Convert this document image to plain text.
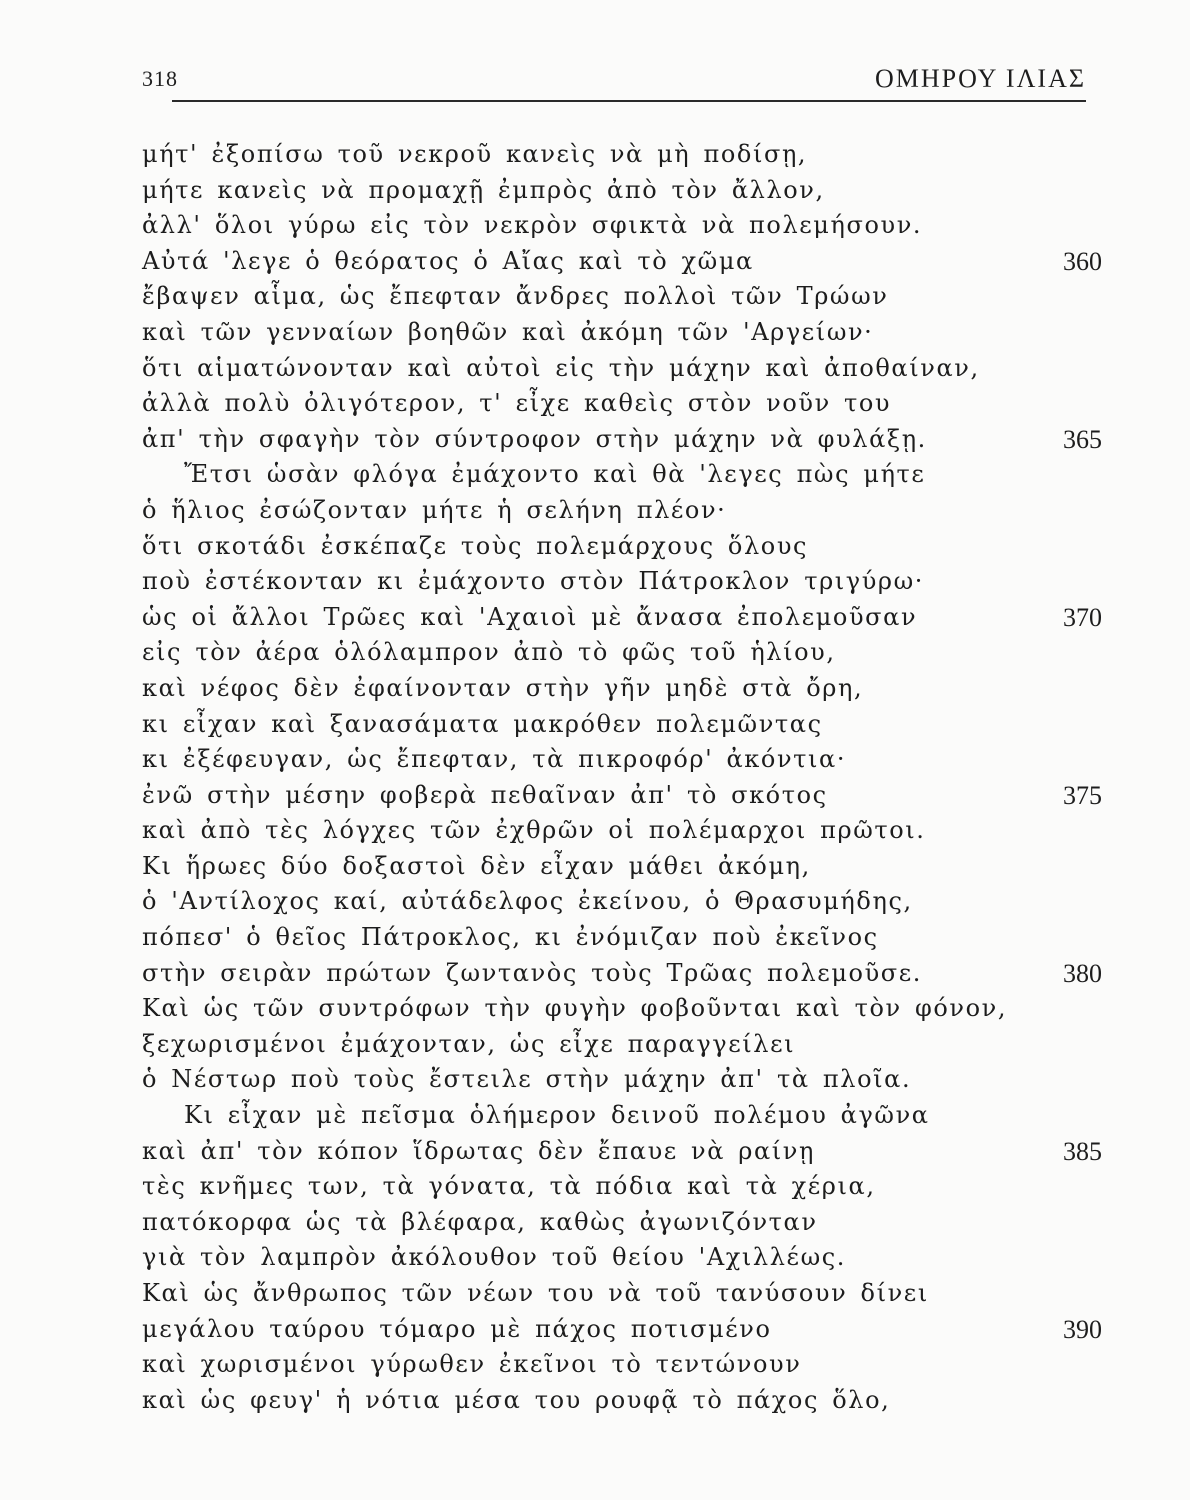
318	ΟΜΗΡΟΥ ΙΛΙΑΣ
μήτ' ἐξοπίσω τοῦ νεκροῦ κανεὶς νὰ μὴ ποδίσῃ,
μήτε κανεὶς νὰ προμαχῇ ἐμπρὸς ἀπὸ τὸν ἄλλον,
ἀλλ' ὅλοι γύρω εἰς τὸν νεκρὸν σφικτὰ νὰ πολεμήσουν.
Αὐτά 'λεγε ὁ θεόρατος ὁ Αἴας καὶ τὸ χῶμα	360
ἔβαψεν αἷμα, ὡς ἔπεφταν ἄνδρες πολλοὶ τῶν Τρώων
καὶ τῶν γενναίων βοηθῶν καὶ ἀκόμη τῶν 'Αργείων·
ὅτι αἱματώνονταν καὶ αὐτοὶ εἰς τὴν μάχην καὶ ἀποθαίναν,
ἀλλὰ πολὺ ὀλιγότερον, τ' εἶχε καθεὶς στὸν νοῦν του
ἀπ' τὴν σφαγὴν τὸν σύντροφον στὴν μάχην νὰ φυλάξῃ.	365
Ἔτσι ὡσὰν φλόγα ἐμάχοντο καὶ θὰ 'λεγες πὼς μήτε
ὁ ἥλιος ἐσώζονταν μήτε ἡ σελήνη πλέον·
ὅτι σκοτάδι ἐσκέπαζε τοὺς πολεμάρχους ὅλους
ποὺ ἐστέκονταν κι ἐμάχοντο στὸν Πάτροκλον τριγύρω·
ὡς οἱ ἄλλοι Τρῶες καὶ 'Αχαιοὶ μὲ ἄνασα ἐπολεμοῦσαν	370
εἰς τὸν ἀέρα ὁλόλαμπρον ἀπὸ τὸ φῶς τοῦ ἡλίου,
καὶ νέφος δὲν ἐφαίνονταν στὴν γῆν μηδὲ στὰ ὄρη,
κι εἶχαν καὶ ξανασάματα μακρόθεν πολεμῶντας
κι ἐξέφευγαν, ὡς ἔπεφταν, τὰ πικροφόρ' ἀκόντια·
ἐνῶ στὴν μέσην φοβερὰ πεθαῖναν ἀπ' τὸ σκότος	375
καὶ ἀπὸ τὲς λόγχες τῶν ἐχθρῶν οἱ πολέμαρχοι πρῶτοι.
Κι ἥρωες δύο δοξαστοὶ δὲν εἶχαν μάθει ἀκόμη,
ὁ 'Αντίλοχος καί, αὐτάδελφος ἐκείνου, ὁ Θρασυμήδης,
πόπεσ' ὁ θεῖος Πάτροκλος, κι ἐνόμιζαν ποὺ ἐκεῖνος
στὴν σειρὰν πρώτων ζωντανὸς τοὺς Τρῶας πολεμοῦσε.	380
Καὶ ὡς τῶν συντρόφων τὴν φυγὴν φοβοῦνται καὶ τὸν φόνον,
ξεχωρισμένοι ἐμάχονταν, ὡς εἶχε παραγγείλει
ὁ Νέστωρ ποὺ τοὺς ἔστειλε στὴν μάχην ἀπ' τὰ πλοῖα.
Κι εἶχαν μὲ πεῖσμα ὁλήμερον δεινοῦ πολέμου ἀγῶνα
καὶ ἀπ' τὸν κόπον ἵδρωτας δὲν ἔπαυε νὰ ραίνῃ	385
τὲς κνῆμες των, τὰ γόνατα, τὰ πόδια καὶ τὰ χέρια,
πατόκορφα ὡς τὰ βλέφαρα, καθὼς ἀγωνιζόνταν
γιὰ τὸν λαμπρὸν ἀκόλουθον τοῦ θείου 'Αχιλλέως.
Καὶ ὡς ἄνθρωπος τῶν νέων του νὰ τοῦ τανύσουν δίνει
μεγάλου ταύρου τόμαρο μὲ πάχος ποτισμένο	390
καὶ χωρισμένοι γύρωθεν ἐκεῖνοι τὸ τεντώνουν
καὶ ὡς φευγ' ἡ νότια μέσα του ρουφᾷ τὸ πάχος ὅλο,
